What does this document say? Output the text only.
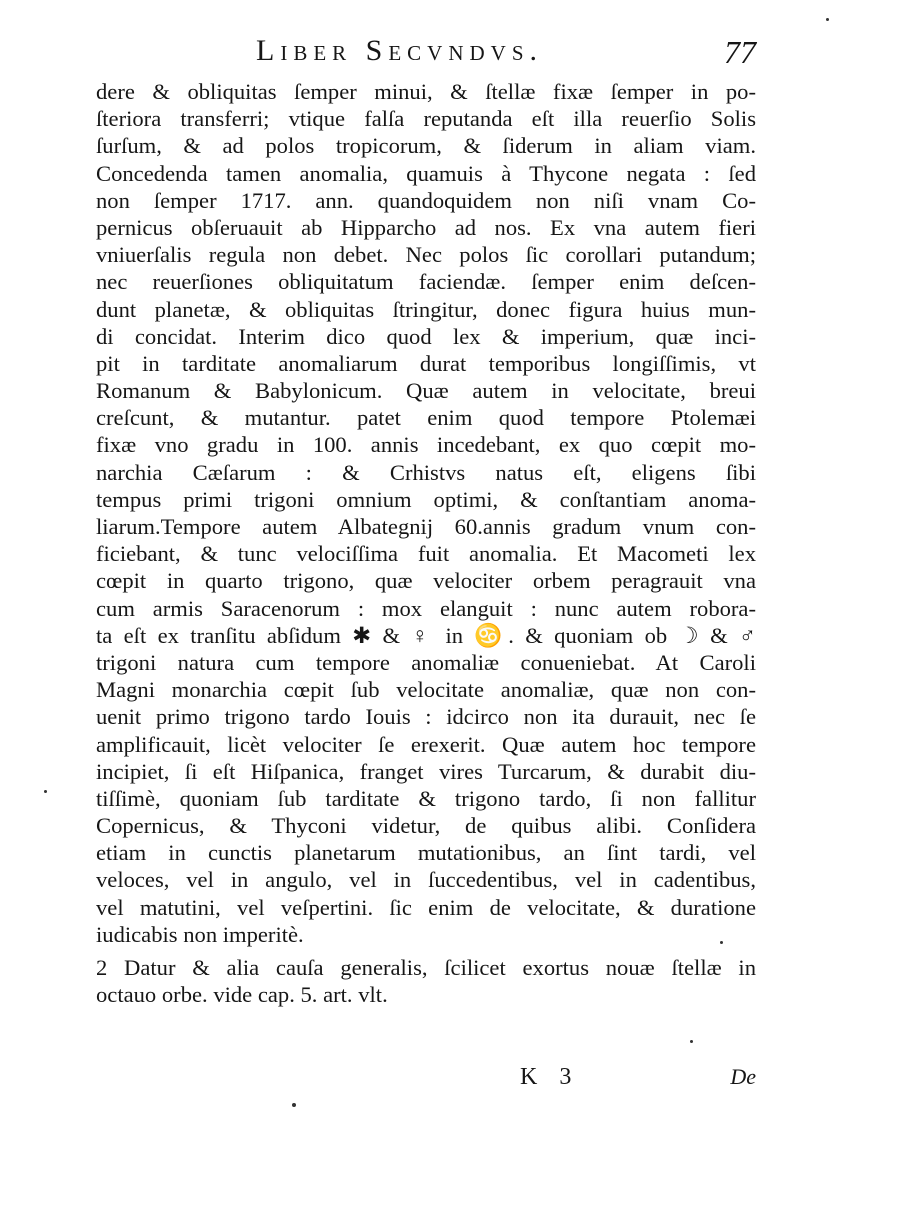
Liber Secvndvs.	77
dere & obliquitas ſemper minui, & ſtellæ fixæ ſemper in po-
ſteriora transferri; vtique falſa reputanda eſt illa reuerſio Solis
ſurſum, & ad polos tropicorum, & ſiderum in aliam viam.
Concedenda tamen anomalia, quamuis à Thycone negata : ſed
non ſemper 1717. ann. quandoquidem non niſi vnam Co-
pernicus obſeruauit ab Hipparcho ad nos. Ex vna autem fieri
vniuerſalis regula non debet. Nec polos ſic corollari putandum;
nec reuerſiones obliquitatum faciendæ. ſemper enim deſcen-
dunt planetæ, & obliquitas ſtringitur, donec figura huius mun-
di concidat. Interim dico quod lex & imperium, quæ inci-
pit in tarditate anomaliarum durat temporibus longiſſimis, vt
Romanum & Babylonicum. Quæ autem in velocitate, breui
creſcunt, & mutantur. patet enim quod tempore Ptolemæi
fixæ vno gradu in 100. annis incedebant, ex quo cœpit mo-
narchia Cæſarum : & Crhistvs natus eſt, eligens ſibi
tempus primi trigoni omnium optimi, & conſtantiam anoma-
liarum.Tempore autem Albategnij 60.annis gradum vnum con-
ficiebant, & tunc velociſſima fuit anomalia. Et Macometi lex
cœpit in quarto trigono, quæ velociter orbem peragrauit vna
cum armis Saracenorum : mox elanguit : nunc autem robora-
ta eſt ex tranſitu abſidum ✱ & ♀ in ♋. & quoniam ob ☽ & ♂
trigoni natura cum tempore anomaliæ conueniebat. At Caroli
Magni monarchia cœpit ſub velocitate anomaliæ, quæ non con-
uenit primo trigono tardo Iouis : idcirco non ita durauit, nec ſe
amplificauit, licèt velociter ſe erexerit. Quæ autem hoc tempore
incipiet, ſi eſt Hiſpanica, franget vires Turcarum, & durabit diu-
tiſſimè, quoniam ſub tarditate & trigono tardo, ſi non fallitur
Copernicus, & Thyconi videtur, de quibus alibi. Conſidera
etiam in cunctis planetarum mutationibus, an ſint tardi, vel
veloces, vel in angulo, vel in ſuccedentibus, vel in cadentibus,
vel matutini, vel veſpertini. ſic enim de velocitate, & duratione
iudicabis non imperitè.
2 Datur & alia cauſa generalis, ſcilicet exortus nouæ ſtellæ in
octauo orbe. vide cap. 5. art. vlt.
K 3	De
